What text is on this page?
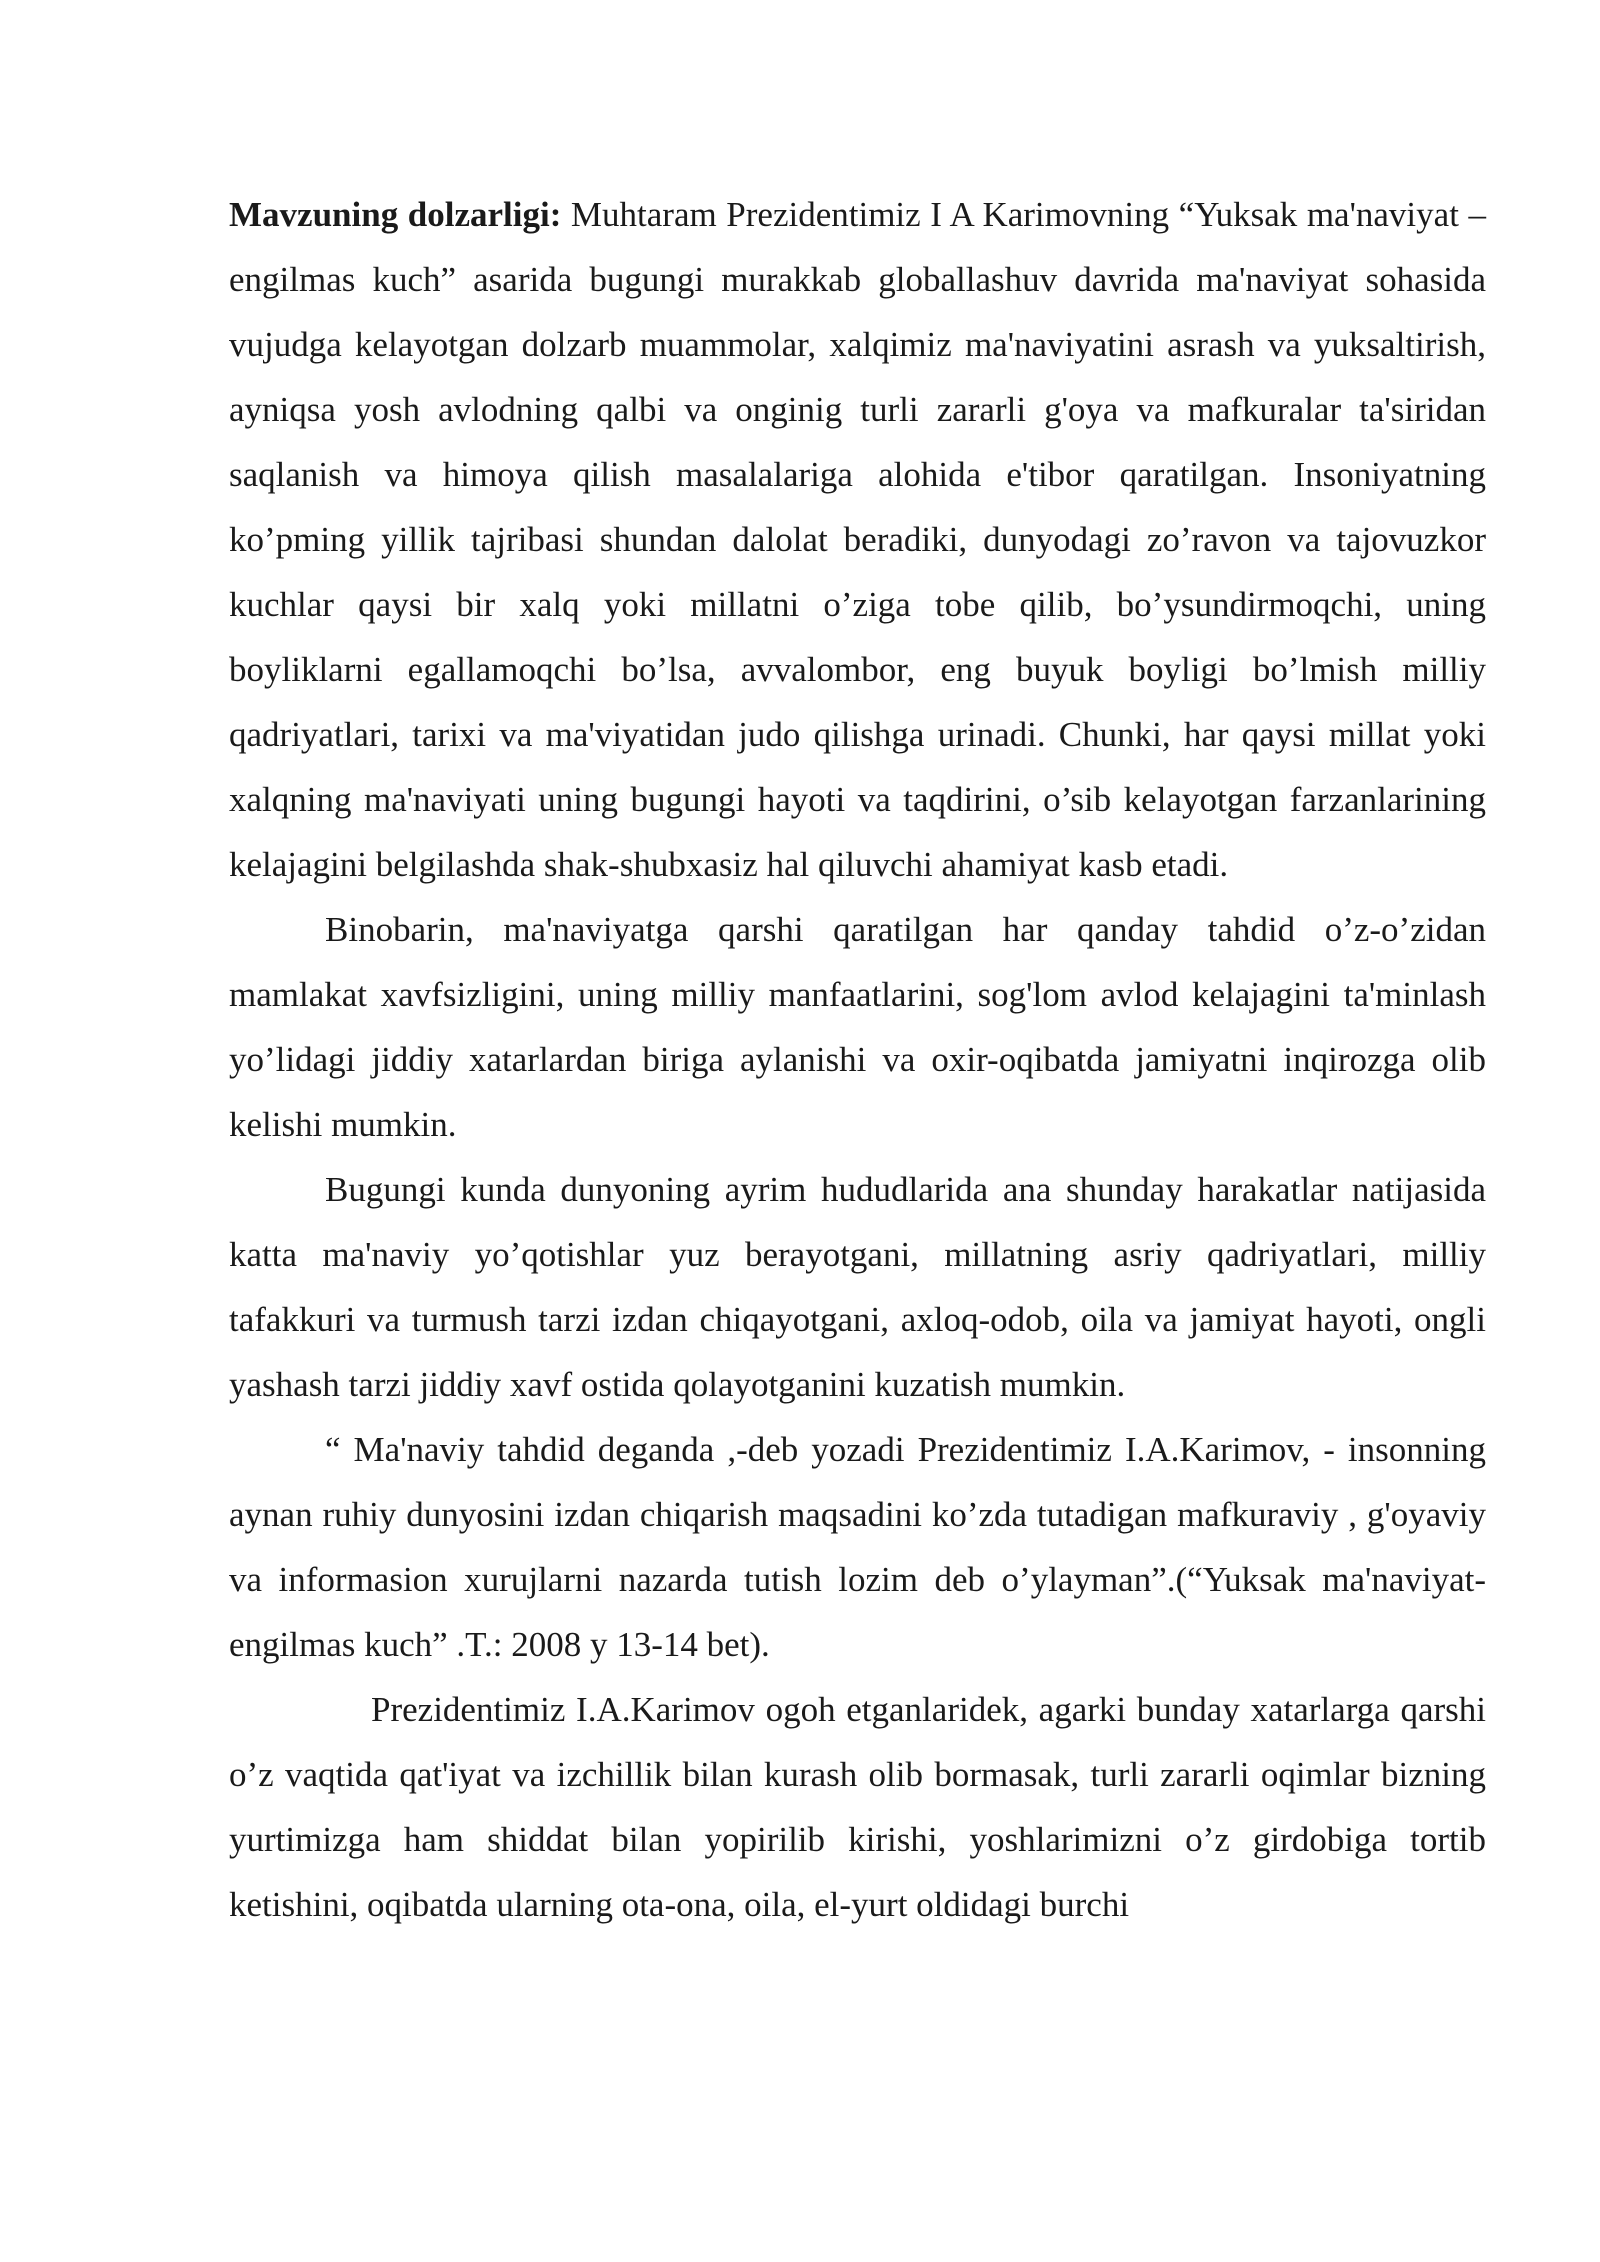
Mavzuning dolzarligi: Muhtaram Prezidentimiz I A Karimovning “Yuksak ma'naviyat – engilmas kuch” asarida bugungi murakkab globallashuv davrida ma'naviyat sohasida vujudga kelayotgan dolzarb muammolar, xalqimiz ma'naviyatini asrash va yuksaltirish, ayniqsa yosh avlodning qalbi va onginig turli zararli g'oya va mafkuralar ta'siridan saqlanish va himoya qilish masalalariga alohida e'tibor qaratilgan. Insoniyatning ko’pming yillik tajribasi shundan dalolat beradiki, dunyodagi zo’ravon va tajovuzkor kuchlar qaysi bir xalq yoki millatni o’ziga tobe qilib, bo’ysundirmoqchi, uning boyliklarni egallamoqchi bo’lsa, avvalombor, eng buyuk boyligi bo’lmish milliy qadriyatlari, tarixi va ma'viyatidan judo qilishga urinadi. Chunki, har qaysi millat yoki xalqning ma'naviyati uning bugungi hayoti va taqdirini, o’sib kelayotgan farzanlarining kelajagini belgilashda shak-shubxasiz hal qiluvchi ahamiyat kasb etadi.

Binobarin, ma'naviyatga qarshi qaratilgan har qanday tahdid o’z-o’zidan mamlakat xavfsizligini, uning milliy manfaatlarini, sog'lom avlod kelajagini ta'minlash yo’lidagi jiddiy xatarlardan biriga aylanishi va oxir-oqibatda jamiyatni inqirozga olib kelishi mumkin.

Bugungi kunda dunyoning ayrim hududlarida ana shunday harakatlar natijasida katta ma'naviy yo’qotishlar yuz berayotgani, millatning asriy qadriyatlari, milliy tafakkuri va turmush tarzi izdan chiqayotgani, axloq-odob, oila va jamiyat hayoti, ongli yashash tarzi jiddiy xavf ostida qolayotganini kuzatish mumkin.

“ Ma'naviy tahdid deganda ,-deb yozadi Prezidentimiz I.A.Karimov, - insonning aynan ruhiy dunyosini izdan chiqarish maqsadini ko’zda tutadigan mafkuraviy , g'oyaviy va informasion xurujlarni nazarda tutish lozim deb o’ylayman”.(“Yuksak ma'naviyat-engilmas kuch” .T.: 2008 y 13-14 bet).

Prezidentimiz I.A.Karimov ogoh etganlaridek, agarki bunday xatarlarga qarshi o’z vaqtida qat'iyat va izchillik bilan kurash olib bormasak, turli zararli oqimlar bizning yurtimizga ham shiddat bilan yopirilib kirishi, yoshlarimizni o’z girdobiga tortib ketishini, oqibatda ularning ota-ona, oila, el-yurt oldidagi burchi
